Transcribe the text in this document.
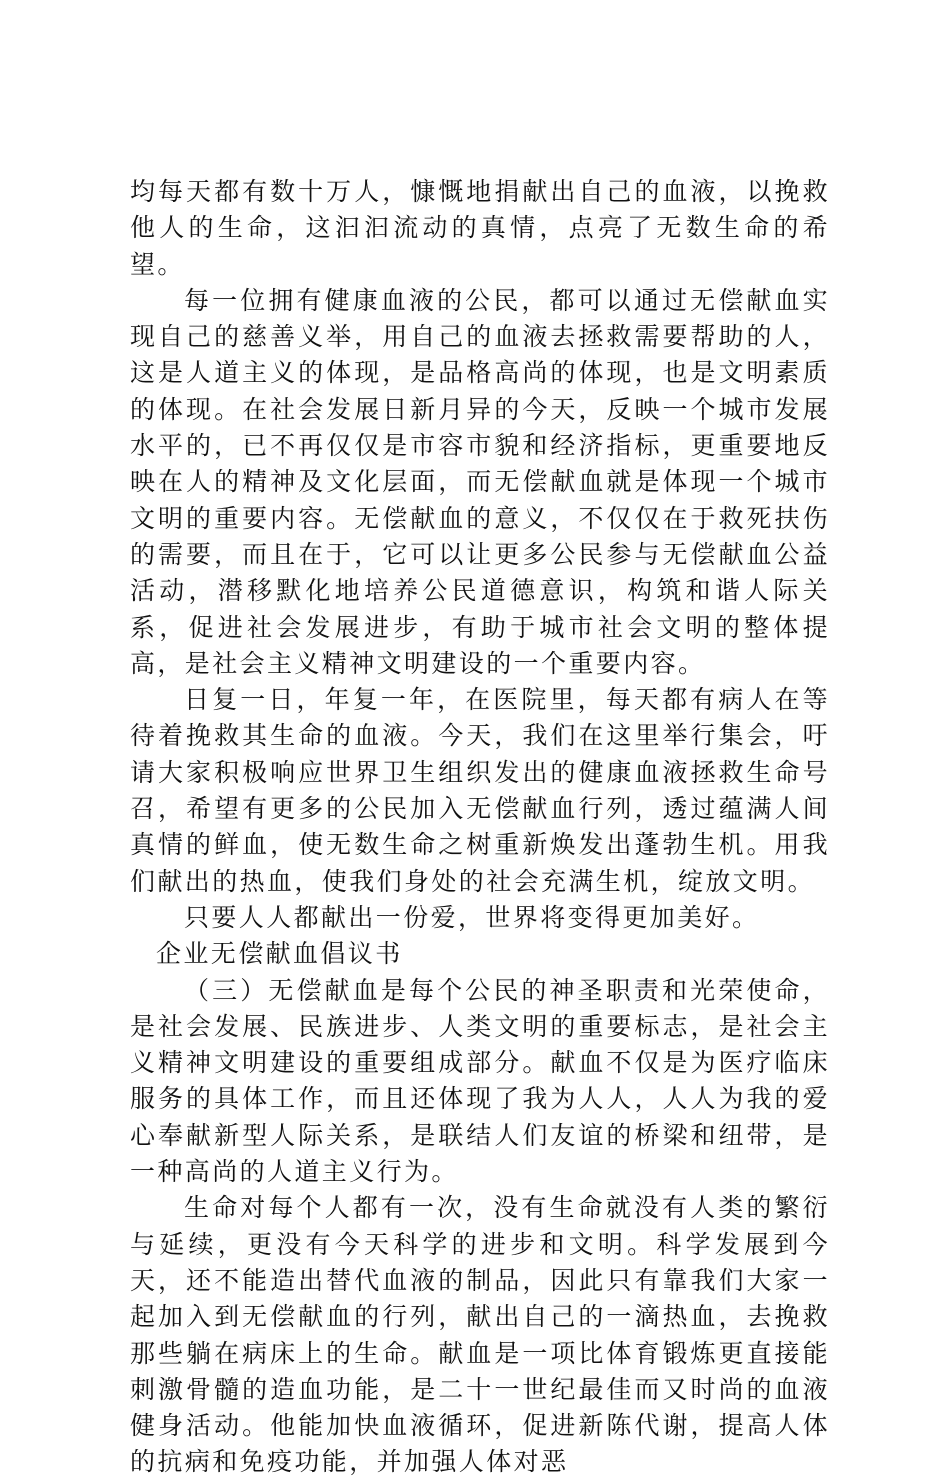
均每天都有数十万人，慷慨地捐献出自己的血液，以挽救他人的生命，这汩汩流动的真情，点亮了无数生命的希望。

每一位拥有健康血液的公民，都可以通过无偿献血实现自己的慈善义举，用自己的血液去拯救需要帮助的人，这是人道主义的体现，是品格高尚的体现，也是文明素质的体现。在社会发展日新月异的今天，反映一个城市发展水平的，已不再仅仅是市容市貌和经济指标，更重要地反映在人的精神及文化层面，而无偿献血就是体现一个城市文明的重要内容。无偿献血的意义，不仅仅在于救死扶伤的需要，而且在于，它可以让更多公民参与无偿献血公益活动，潜移默化地培养公民道德意识，构筑和谐人际关系，促进社会发展进步，有助于城市社会文明的整体提高，是社会主义精神文明建设的一个重要内容。

日复一日，年复一年，在医院里，每天都有病人在等待着挽救其生命的血液。今天，我们在这里举行集会，吁请大家积极响应世界卫生组织发出的健康血液拯救生命号召，希望有更多的公民加入无偿献血行列，透过蕴满人间真情的鲜血，使无数生命之树重新焕发出蓬勃生机。用我们献出的热血，使我们身处的社会充满生机，绽放文明。

只要人人都献出一份爱，世界将变得更加美好。

企业无偿献血倡议书

（三）无偿献血是每个公民的神圣职责和光荣使命，是社会发展、民族进步、人类文明的重要标志，是社会主义精神文明建设的重要组成部分。献血不仅是为医疗临床服务的具体工作，而且还体现了我为人人，人人为我的爱心奉献新型人际关系，是联结人们友谊的桥梁和纽带，是一种高尚的人道主义行为。

生命对每个人都有一次，没有生命就没有人类的繁衍与延续，更没有今天科学的进步和文明。科学发展到今天，还不能造出替代血液的制品，因此只有靠我们大家一起加入到无偿献血的行列，献出自己的一滴热血，去挽救那些躺在病床上的生命。献血是一项比体育锻炼更直接能刺激骨髓的造血功能，是二十一世纪最佳而又时尚的血液健身活动。他能加快血液循环，促进新陈代谢，提高人体的抗病和免疫功能，并加强人体对恶
